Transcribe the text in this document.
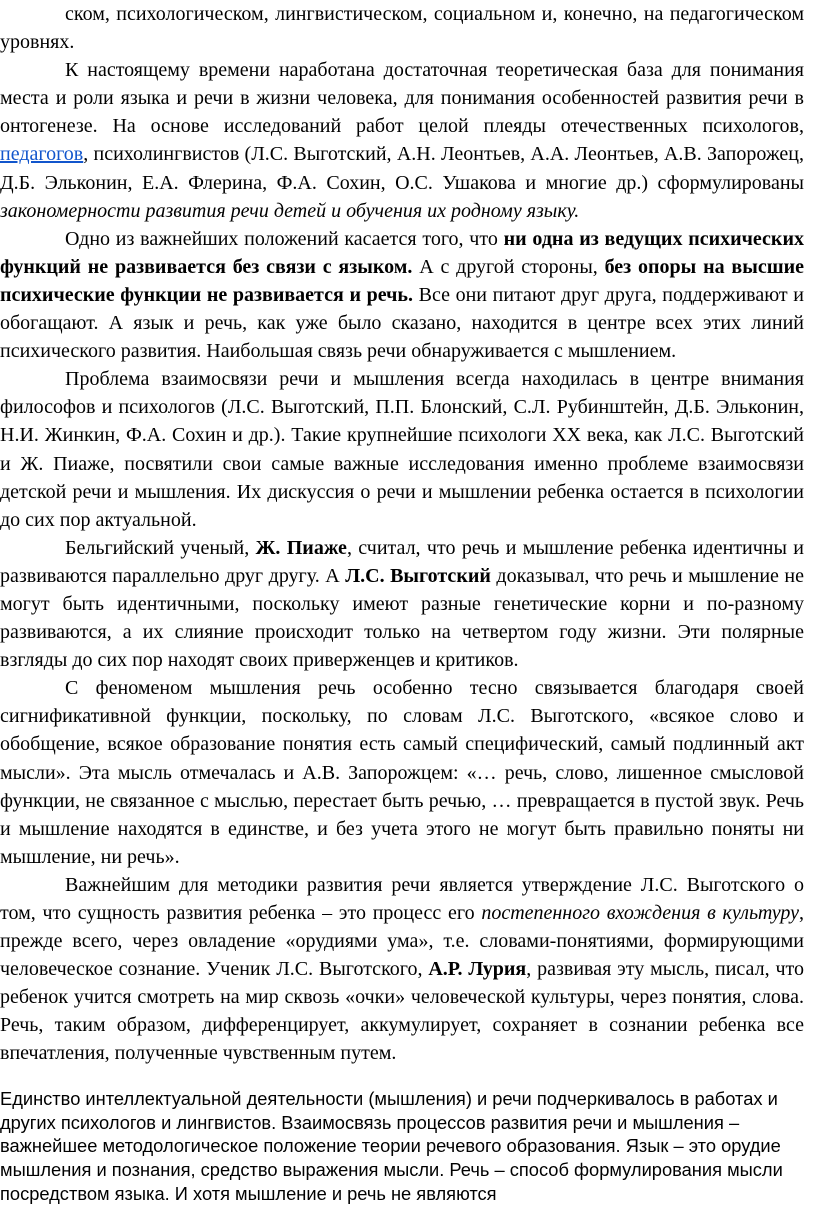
ском, психологическом, лингвистическом, социальном и, конечно, на педагогическом уровнях.

К настоящему времени наработана достаточная теоретическая база для понимания места и роли языка и речи в жизни человека, для понимания особенностей развития речи в онтогенезе. На основе исследований работ целой плеяды отечественных психологов, педагогов, психолингвистов (Л.С. Выготский, А.Н. Леонтьев, А.А. Леонтьев, А.В. Запорожец, Д.Б. Эльконин, Е.А. Флерина, Ф.А. Сохин, О.С. Ушакова и многие др.) сформулированы закономерности развития речи детей и обучения их родному языку.

Одно из важнейших положений касается того, что ни одна из ведущих психических функций не развивается без связи с языком. А с другой стороны, без опоры на высшие психические функции не развивается и речь. Все они питают друг друга, поддерживают и обогащают. А язык и речь, как уже было сказано, находится в центре всех этих линий психического развития. Наибольшая связь речи обнаруживается с мышлением.

Проблема взаимосвязи речи и мышления всегда находилась в центре внимания философов и психологов (Л.С. Выготский, П.П. Блонский, С.Л. Рубинштейн, Д.Б. Эльконин, Н.И. Жинкин, Ф.А. Сохин и др.). Такие крупнейшие психологи ХХ века, как Л.С. Выготский и Ж. Пиаже, посвятили свои самые важные исследования именно проблеме взаимосвязи детской речи и мышления. Их дискуссия о речи и мышлении ребенка остается в психологии до сих пор актуальной.

Бельгийский ученый, Ж. Пиаже, считал, что речь и мышление ребенка идентичны и развиваются параллельно друг другу. А Л.С. Выготский доказывал, что речь и мышление не могут быть идентичными, поскольку имеют разные генетические корни и по-разному развиваются, а их слияние происходит только на четвертом году жизни. Эти полярные взгляды до сих пор находят своих приверженцев и критиков.

С феноменом мышления речь особенно тесно связывается благодаря своей сигнификативной функции, поскольку, по словам Л.С. Выготского, «всякое слово и обобщение, всякое образование понятия есть самый специфический, самый подлинный акт мысли». Эта мысль отмечалась и А.В. Запорожцем: «… речь, слово, лишенное смысловой функции, не связанное с мыслью, перестает быть речью, … превращается в пустой звук. Речь и мышление находятся в единстве, и без учета этого не могут быть правильно поняты ни мышление, ни речь».

Важнейшим для методики развития речи является утверждение Л.С. Выготского о том, что сущность развития ребенка – это процесс его постепенного вхождения в культуру, прежде всего, через овладение «орудиями ума», т.е. словами-понятиями, формирующими человеческое сознание. Ученик Л.С. Выготского, А.Р. Лурия, развивая эту мысль, писал, что ребенок учится смотреть на мир сквозь «очки» человеческой культуры, через понятия, слова. Речь, таким образом, дифференцирует, аккумулирует, сохраняет в сознании ребенка все впечатления, полученные чувственным путем.

Единство интеллектуальной деятельности (мышления) и речи подчеркивалось в работах и других психологов и лингвистов. Взаимосвязь процессов развития речи и мышления – важнейшее методологическое положение теории речевого образования. Язык – это орудие мышления и познания, средство выражения мысли. Речь – способ формулирования мысли посредством языка. И хотя мышление и речь не являются
